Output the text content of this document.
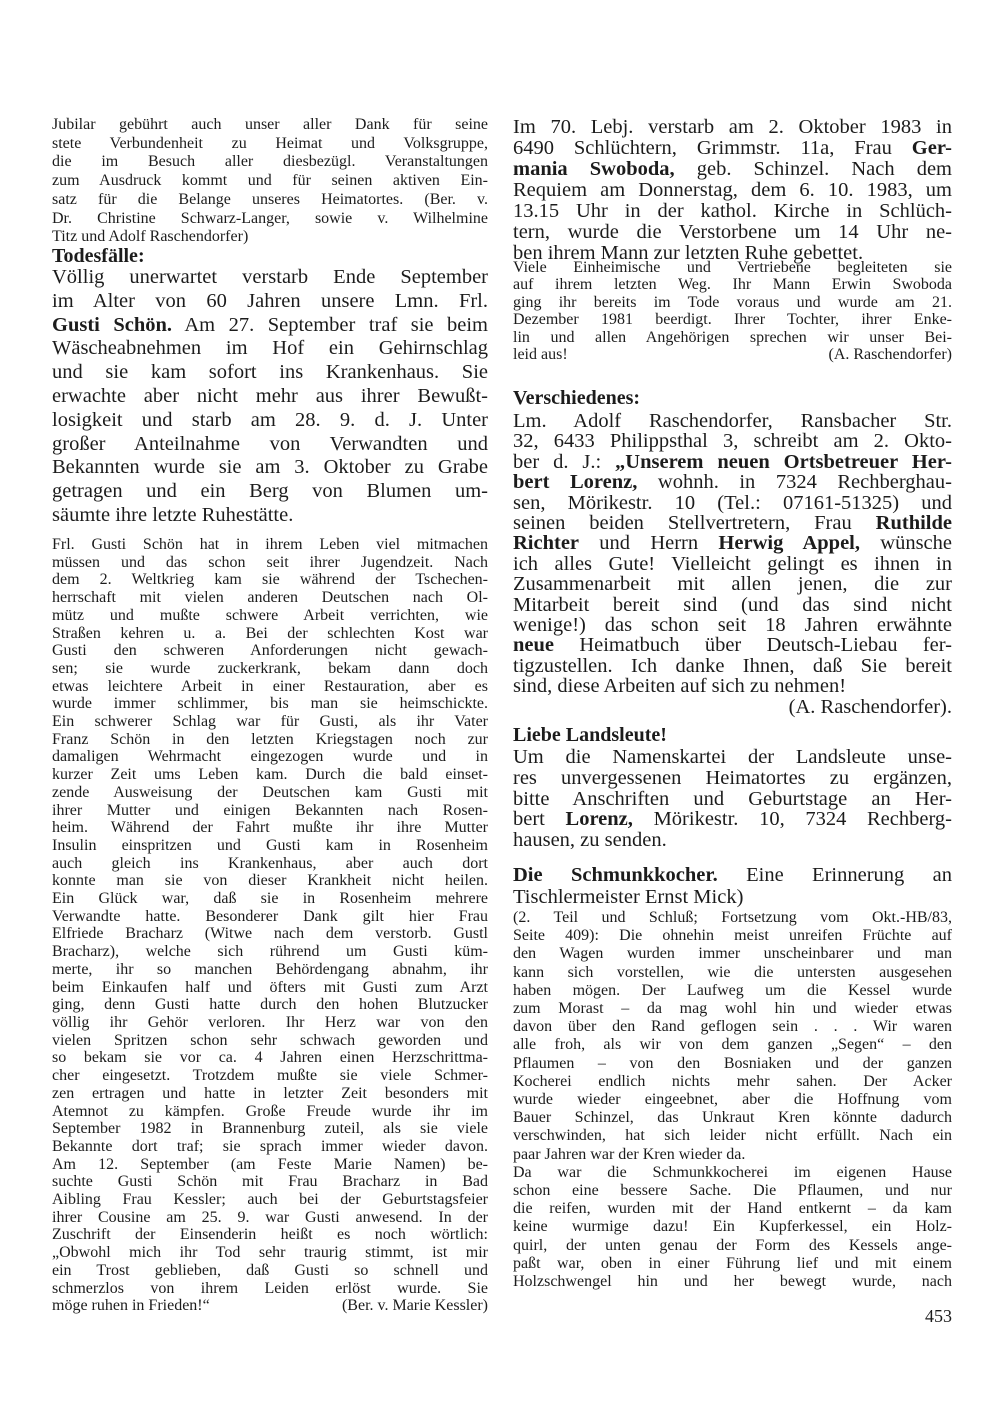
Jubilar gebührt auch unser aller Dank für seine
stete Verbundenheit zu Heimat und Volksgruppe,
die im Besuch aller diesbezügl. Veranstaltungen
zum Ausdruck kommt und für seinen aktiven Ein-
satz für die Belange unseres Heimatortes. (Ber. v.
Dr. Christine Schwarz-Langer, sowie v. Wilhelmine
Titz und Adolf Raschendorfer)
Todesfälle:
Völlig unerwartet verstarb Ende September
im Alter von 60 Jahren unsere Lmn. Frl.
Gusti Schön. Am 27. September traf sie beim
Wäscheabnehmen im Hof ein Gehirnschlag
und sie kam sofort ins Krankenhaus. Sie
erwachte aber nicht mehr aus ihrer Bewußt-
losigkeit und starb am 28. 9. d. J. Unter
großer Anteilnahme von Verwandten und
Bekannten wurde sie am 3. Oktober zu Grabe
getragen und ein Berg von Blumen um-
säumte ihre letzte Ruhestätte.
Frl. Gusti Schön hat in ihrem Leben viel mitmachen
müssen und das schon seit ihrer Jugendzeit. Nach
dem 2. Weltkrieg kam sie während der Tschechen-
herrschaft mit vielen anderen Deutschen nach Ol-
mütz und mußte schwere Arbeit verrichten, wie
Straßen kehren u. a. Bei der schlechten Kost war
Gusti den schweren Anforderungen nicht gewach-
sen; sie wurde zuckerkrank, bekam dann doch
etwas leichtere Arbeit in einer Restauration, aber es
wurde immer schlimmer, bis man sie heimschickte.
Ein schwerer Schlag war für Gusti, als ihr Vater
Franz Schön in den letzten Kriegstagen noch zur
damaligen Wehrmacht eingezogen wurde und in
kurzer Zeit ums Leben kam. Durch die bald einset-
zende Ausweisung der Deutschen kam Gusti mit
ihrer Mutter und einigen Bekannten nach Rosen-
heim. Während der Fahrt mußte ihr ihre Mutter
Insulin einspritzen und Gusti kam in Rosenheim
auch gleich ins Krankenhaus, aber auch dort
konnte man sie von dieser Krankheit nicht heilen.
Ein Glück war, daß sie in Rosenheim mehrere
Verwandte hatte. Besonderer Dank gilt hier Frau
Elfriede Bracharz (Witwe nach dem verstorb. Gustl
Bracharz), welche sich rührend um Gusti küm-
merte, ihr so manchen Behördengang abnahm, ihr
beim Einkaufen half und öfters mit Gusti zum Arzt
ging, denn Gusti hatte durch den hohen Blutzucker
völlig ihr Gehör verloren. Ihr Herz war von den
vielen Spritzen schon sehr schwach geworden und
so bekam sie vor ca. 4 Jahren einen Herzschrittma-
cher eingesetzt. Trotzdem mußte sie viele Schmer-
zen ertragen und hatte in letzter Zeit besonders mit
Atemnot zu kämpfen. Große Freude wurde ihr im
September 1982 in Brannenburg zuteil, als sie viele
Bekannte dort traf; sie sprach immer wieder davon.
Am 12. September (am Feste Marie Namen) be-
suchte Gusti Schön mit Frau Bracharz in Bad
Aibling Frau Kessler; auch bei der Geburtstagsfeier
ihrer Cousine am 25. 9. war Gusti anwesend. In der
Zuschrift der Einsenderin heißt es noch wörtlich:
„Obwohl mich ihr Tod sehr traurig stimmt, ist mir
ein Trost geblieben, daß Gusti so schnell und
schmerzlos von ihrem Leiden erlöst wurde. Sie
möge ruhen in Frieden!“	(Ber. v. Marie Kessler)
Im 70. Lebj. verstarb am 2. Oktober 1983 in
6490 Schlüchtern, Grimmstr. 11a, Frau Ger-
mania Swoboda, geb. Schinzel. Nach dem
Requiem am Donnerstag, dem 6. 10. 1983, um
13.15 Uhr in der kathol. Kirche in Schlüch-
tern, wurde die Verstorbene um 14 Uhr ne-
ben ihrem Mann zur letzten Ruhe gebettet.
Viele Einheimische und Vertriebene begleiteten sie
auf ihrem letzten Weg. Ihr Mann Erwin Swoboda
ging ihr bereits im Tode voraus und wurde am 21.
Dezember 1981 beerdigt. Ihrer Tochter, ihrer Enke-
lin und allen Angehörigen sprechen wir unser Bei-
leid aus!	(A. Raschendorfer)
Verschiedenes:
Lm. Adolf Raschendorfer, Ransbacher Str.
32, 6433 Philippsthal 3, schreibt am 2. Okto-
ber d. J.: „Unserem neuen Ortsbetreuer Her-
bert Lorenz, wohnh. in 7324 Rechberghau-
sen, Mörikestr. 10 (Tel.: 07161-51325) und
seinen beiden Stellvertretern, Frau Ruthilde
Richter und Herrn Herwig Appel, wünsche
ich alles Gute! Vielleicht gelingt es ihnen in
Zusammenarbeit mit allen jenen, die zur
Mitarbeit bereit sind (und das sind nicht
wenige!) das schon seit 18 Jahren erwähnte
neue Heimatbuch über Deutsch-Liebau fer-
tigzustellen. Ich danke Ihnen, daß Sie bereit
sind, diese Arbeiten auf sich zu nehmen!
(A. Raschendorfer).
Liebe Landsleute!
Um die Namenskartei der Landsleute unse-
res unvergessenen Heimatortes zu ergänzen,
bitte Anschriften und Geburtstage an Her-
bert Lorenz, Mörikestr. 10, 7324 Rechberg-
hausen, zu senden.
Die Schmunkkocher. Eine Erinnerung an
Tischlermeister Ernst Mick)
(2. Teil und Schluß; Fortsetzung vom Okt.-HB/83,
Seite 409): Die ohnehin meist unreifen Früchte auf
den Wagen wurden immer unscheinbarer und man
kann sich vorstellen, wie die untersten ausgesehen
haben mögen. Der Laufweg um die Kessel wurde
zum Morast – da mag wohl hin und wieder etwas
davon über den Rand geflogen sein . . . Wir waren
alle froh, als wir von dem ganzen „Segen“ – den
Pflaumen – von den Bosniaken und der ganzen
Kocherei endlich nichts mehr sahen. Der Acker
wurde wieder eingeebnet, aber die Hoffnung vom
Bauer Schinzel, das Unkraut Kren könnte dadurch
verschwinden, hat sich leider nicht erfüllt. Nach ein
paar Jahren war der Kren wieder da.
Da war die Schmunkkocherei im eigenen Hause
schon eine bessere Sache. Die Pflaumen, und nur
die reifen, wurden mit der Hand entkernt – da kam
keine wurmige dazu! Ein Kupferkessel, ein Holz-
quirl, der unten genau der Form des Kessels ange-
paßt war, oben in einer Führung lief und mit einem
Holzschwengel hin und her bewegt wurde, nach
453
